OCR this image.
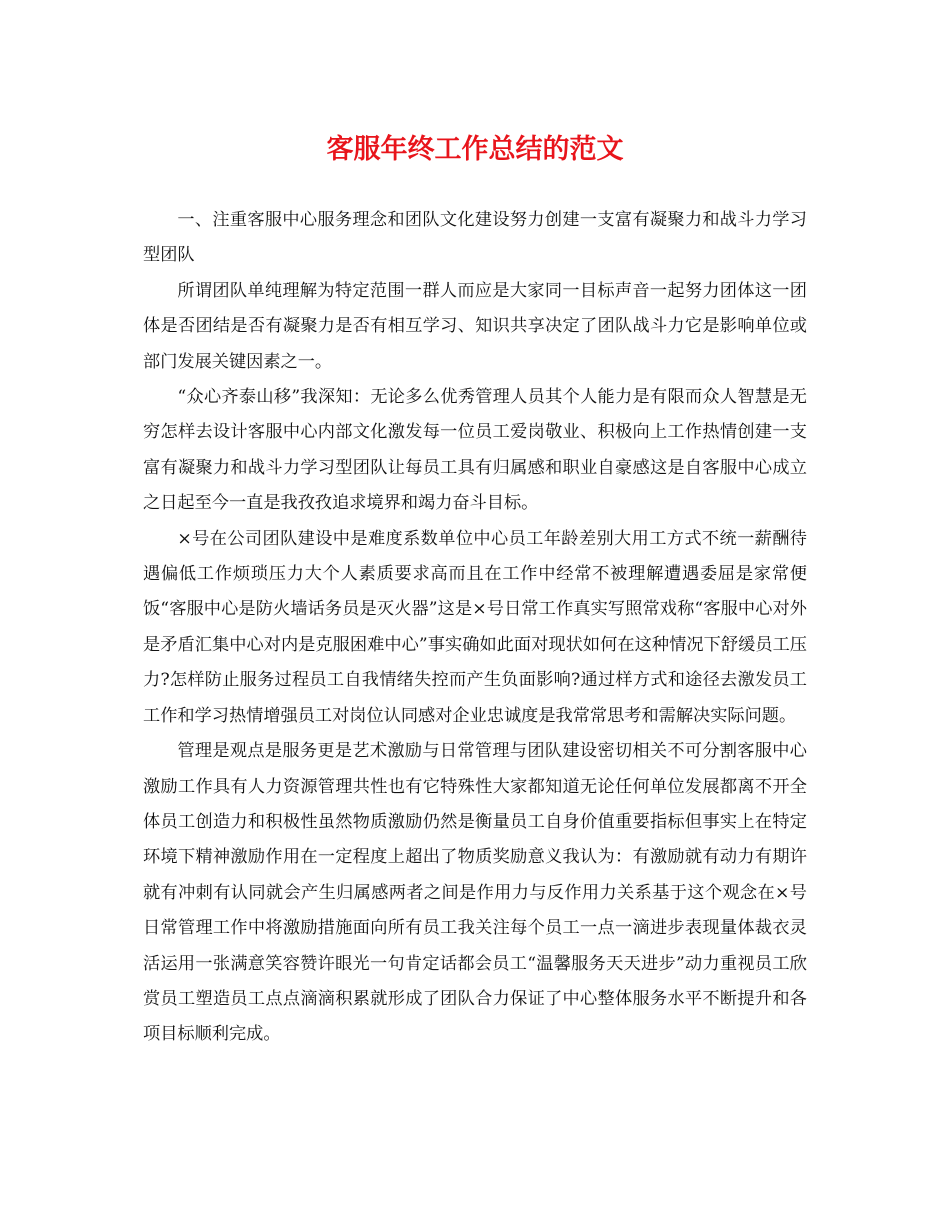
客服年终工作总结的范文

一、注重客服中心服务理念和团队文化建设努力创建一支富有凝聚力和战斗力学习型团队

所谓团队单纯理解为特定范围一群人而应是大家同一目标声音一起努力团体这一团体是否团结是否有凝聚力是否有相互学习、知识共享决定了团队战斗力它是影响单位或部门发展关键因素之一。

“众心齐泰山移”我深知：无论多么优秀管理人员其个人能力是有限而众人智慧是无穷怎样去设计客服中心内部文化激发每一位员工爱岗敬业、积极向上工作热情创建一支富有凝聚力和战斗力学习型团队让每员工具有归属感和职业自豪感这是自客服中心成立之日起至今一直是我孜孜追求境界和竭力奋斗目标。

×号在公司团队建设中是难度系数单位中心员工年龄差别大用工方式不统一薪酬待遇偏低工作烦琐压力大个人素质要求高而且在工作中经常不被理解遭遇委屈是家常便饭“客服中心是防火墙话务员是灭火器”这是×号日常工作真实写照常戏称“客服中心对外是矛盾汇集中心对内是克服困难中心”事实确如此面对现状如何在这种情况下舒缓员工压力?怎样防止服务过程员工自我情绪失控而产生负面影响?通过样方式和途径去激发员工工作和学习热情增强员工对岗位认同感对企业忠诚度是我常常思考和需解决实际问题。

管理是观点是服务更是艺术激励与日常管理与团队建设密切相关不可分割客服中心激励工作具有人力资源管理共性也有它特殊性大家都知道无论任何单位发展都离不开全体员工创造力和积极性虽然物质激励仍然是衡量员工自身价值重要指标但事实上在特定环境下精神激励作用在一定程度上超出了物质奖励意义我认为：有激励就有动力有期许就有冲刺有认同就会产生归属感两者之间是作用力与反作用力关系基于这个观念在×号日常管理工作中将激励措施面向所有员工我关注每个员工一点一滴进步表现量体裁衣灵活运用一张满意笑容赞许眼光一句肯定话都会员工“温馨服务天天进步”动力重视员工欣赏员工塑造员工点点滴滴积累就形成了团队合力保证了中心整体服务水平不断提升和各项目标顺利完成。
